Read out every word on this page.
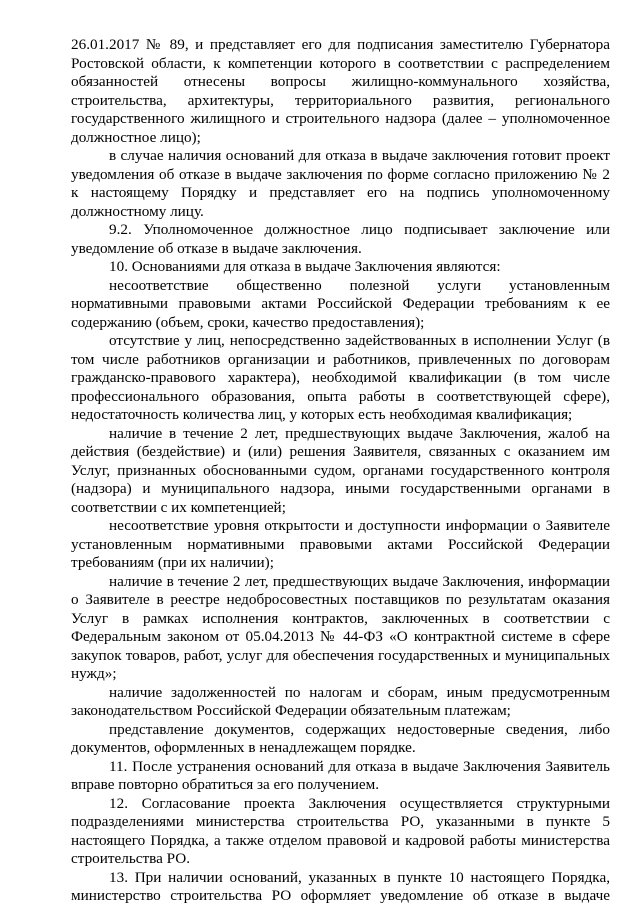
26.01.2017 № 89, и представляет его для подписания заместителю Губернатора Ростовской области, к компетенции которого в соответствии с распределением обязанностей отнесены вопросы жилищно-коммунального хозяйства, строительства, архитектуры, территориального развития, регионального государственного жилищного и строительного надзора (далее – уполномоченное должностное лицо);

в случае наличия оснований для отказа в выдаче заключения готовит проект уведомления об отказе в выдаче заключения по форме согласно приложению № 2 к настоящему Порядку и представляет его на подпись уполномоченному должностному лицу.

9.2. Уполномоченное должностное лицо подписывает заключение или уведомление об отказе в выдаче заключения.

10. Основаниями для отказа в выдаче Заключения являются:

несоответствие общественно полезной услуги установленным нормативными правовыми актами Российской Федерации требованиям к ее содержанию (объем, сроки, качество предоставления);

отсутствие у лиц, непосредственно задействованных в исполнении Услуг (в том числе работников организации и работников, привлеченных по договорам гражданско-правового характера), необходимой квалификации (в том числе профессионального образования, опыта работы в соответствующей сфере), недостаточность количества лиц, у которых есть необходимая квалификация;

наличие в течение 2 лет, предшествующих выдаче Заключения, жалоб на действия (бездействие) и (или) решения Заявителя, связанных с оказанием им Услуг, признанных обоснованными судом, органами государственного контроля (надзора) и муниципального надзора, иными государственными органами в соответствии с их компетенцией;

несоответствие уровня открытости и доступности информации о Заявителе установленным нормативными правовыми актами Российской Федерации требованиям (при их наличии);

наличие в течение 2 лет, предшествующих выдаче Заключения, информации о Заявителе в реестре недобросовестных поставщиков по результатам оказания Услуг в рамках исполнения контрактов, заключенных в соответствии с Федеральным законом от 05.04.2013 № 44-ФЗ «О контрактной системе в сфере закупок товаров, работ, услуг для обеспечения государственных и муниципальных нужд»;

наличие задолженностей по налогам и сборам, иным предусмотренным законодательством Российской Федерации обязательным платежам;

представление документов, содержащих недостоверные сведения, либо документов, оформленных в ненадлежащем порядке.

11. После устранения оснований для отказа в выдаче Заключения Заявитель вправе повторно обратиться за его получением.

12. Согласование проекта Заключения осуществляется структурными подразделениями министерства строительства РО, указанными в пункте 5 настоящего Порядка, а также отделом правовой и кадровой работы министерства строительства РО.

13. При наличии оснований, указанных в пункте 10 настоящего Порядка, министерство строительства РО оформляет уведомление об отказе в выдаче
